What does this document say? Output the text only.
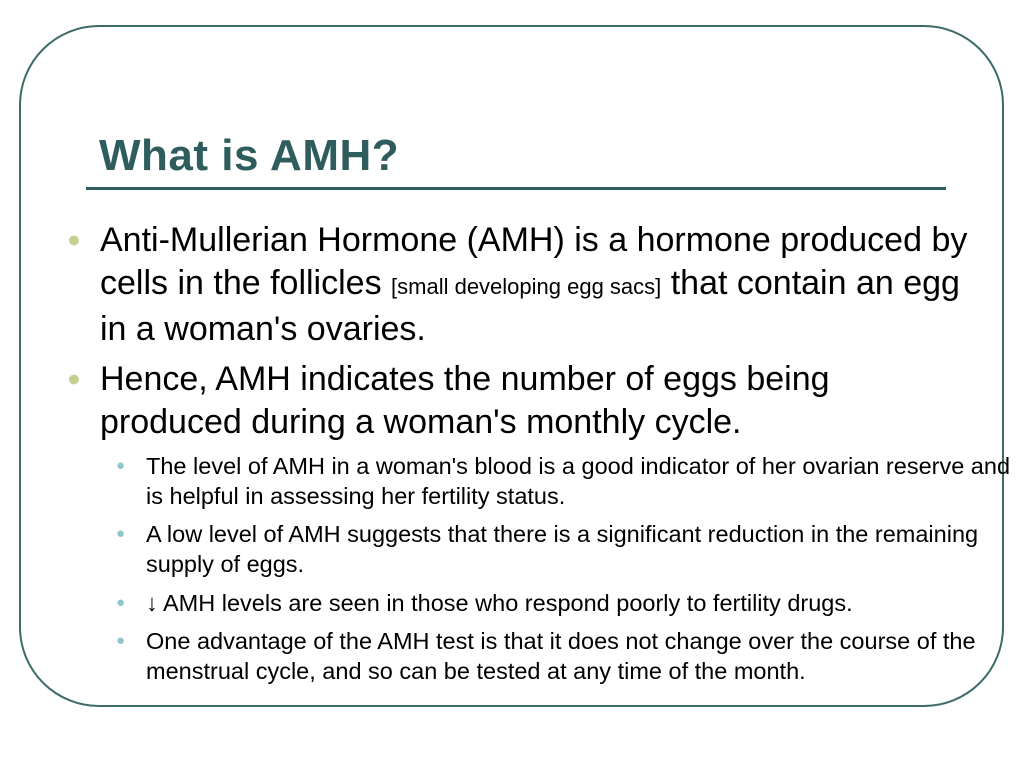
What is AMH?
● Anti-Mullerian Hormone (AMH) is a hormone produced by cells in the follicles [small developing egg sacs] that contain an egg in a woman's ovaries.

● Hence, AMH indicates the number of eggs being produced during a woman's monthly cycle.

● The level of AMH in a woman's blood is a good indicator of her ovarian reserve and is helpful in assessing her fertility status.

● A low level of AMH suggests that there is a significant reduction in the remaining supply of eggs.

● ↓ AMH levels are seen in those who respond poorly to fertility drugs.

● One advantage of the AMH test is that it does not change over the course of the menstrual cycle, and so can be tested at any time of the month.
